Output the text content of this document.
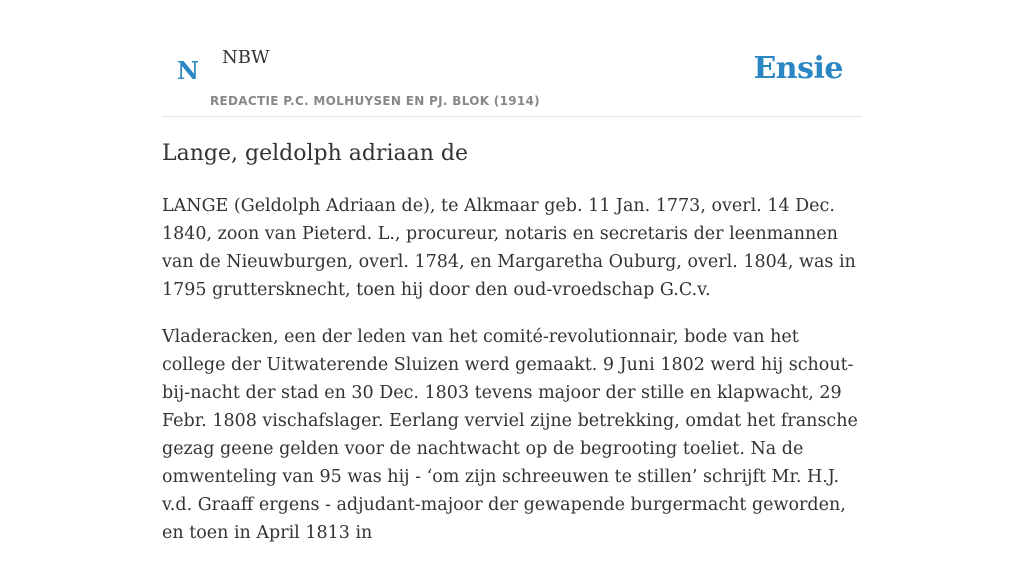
N NBW
REDACTIE P.C. MOLHUYSEN EN PJ. BLOK (1914)
Ensie
Lange, geldolph adriaan de

LANGE (Geldolph Adriaan de), te Alkmaar geb. 11 Jan. 1773, overl. 14 Dec. 1840, zoon van Pieterd. L., procureur, notaris en secretaris der leenmannen van de Nieuwburgen, overl. 1784, en Margaretha Ouburg, overl. 1804, was in 1795 gruttersknecht, toen hij door den oud-vroedschap G.C.v.

Vladeracken, een der leden van het comité-revolutionnair, bode van het college der Uitwaterende Sluizen werd gemaakt. 9 Juni 1802 werd hij schout-bij-nacht der stad en 30 Dec. 1803 tevens majoor der stille en klapwacht, 29 Febr. 1808 vischafslager. Eerlang verviel zijne betrekking, omdat het fransche gezag geene gelden voor de nachtwacht op de begrooting toeliet. Na de omwenteling van 95 was hij - ‘om zijn schreeuwen te stillen’ schrijft Mr. H.J. v.d. Graaff ergens - adjudant-majoor der gewapende burgermacht geworden, en toen in April 1813 in
